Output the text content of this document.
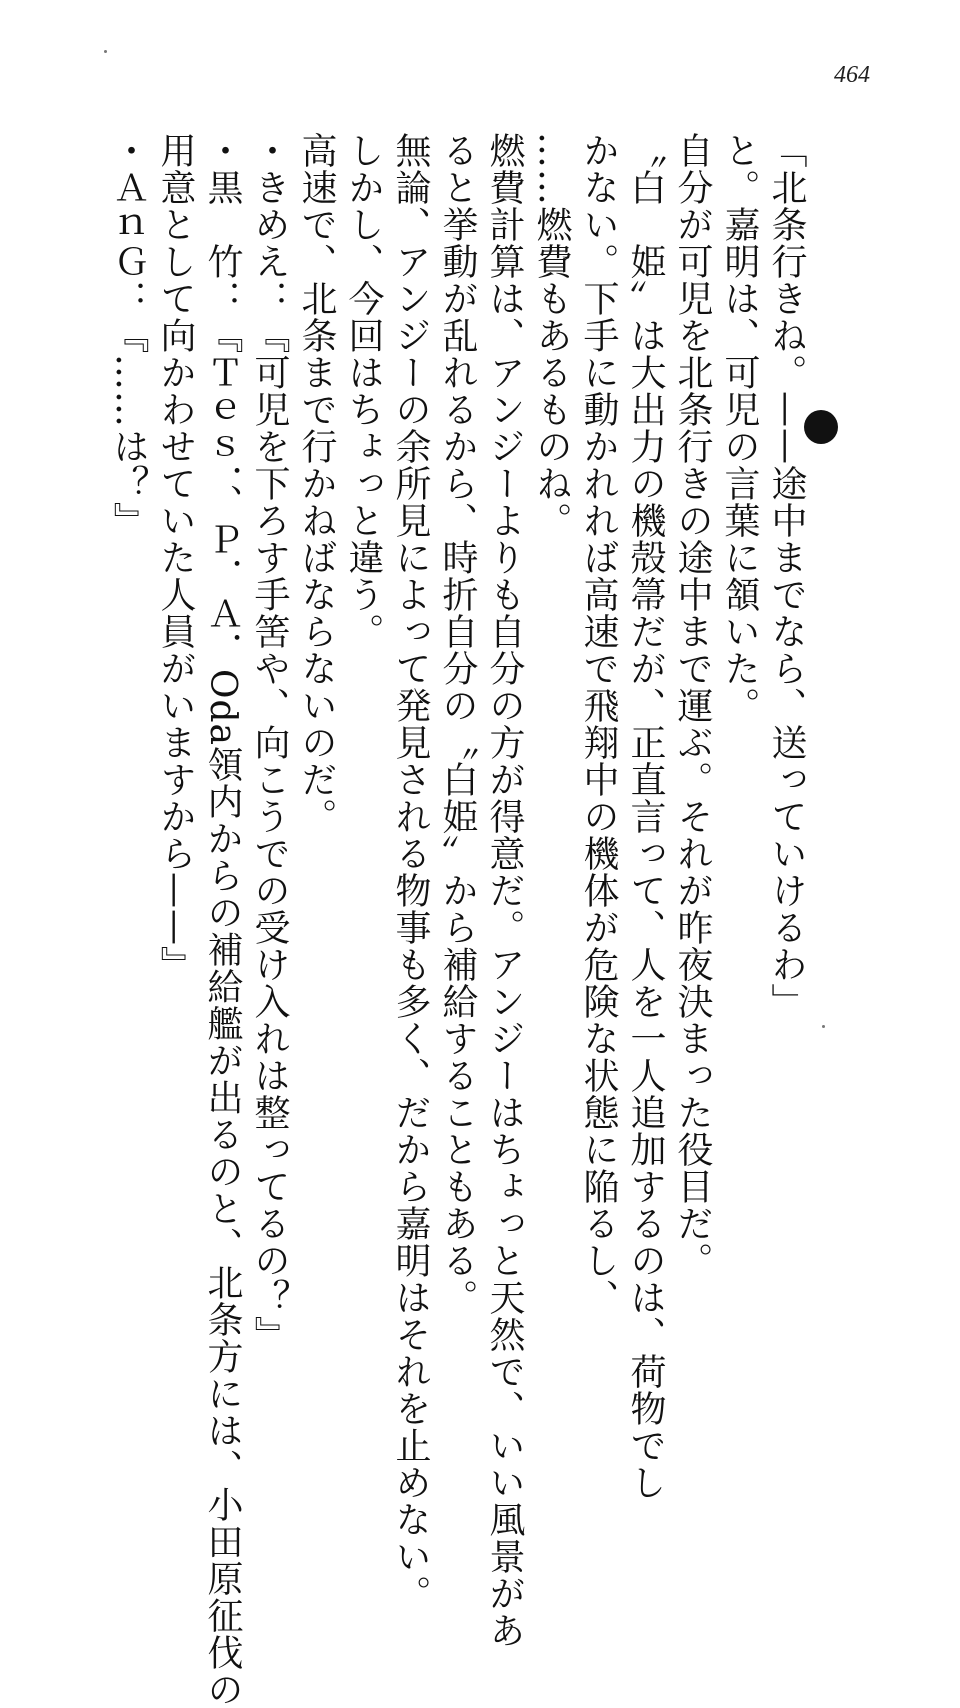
464
「北条行きね。——途中までなら、送っていけるわ」
と。嘉明は、可児の言葉に頷いた。
自分が可児を北条行きの途中まで運ぶ。それが昨夜決まった役目だ。
〝白　姫〟は大出力の機殻箒だが、正直言って、人を一人追加するのは、荷物でし
かない。下手に動かれれば高速で飛翔中の機体が危険な状態に陥るし、
……燃費もあるものね。
燃費計算は、アンジーよりも自分の方が得意だ。アンジーはちょっと天然で、いい風景があ
ると挙動が乱れるから、時折自分の〝白姫〟から補給することもある。
無論、アンジーの余所見によって発見される物事も多く、だから嘉明はそれを止めない。
しかし、今回はちょっと違う。
高速で、北条まで行かねばならないのだ。
・きめえ：『可児を下ろす手筈や、向こうでの受け入れは整ってるの？』
・黒　竹：『Ｔｅｓ．、Ｐ．Ａ．Oda領内からの補給艦が出るのと、北条方には、小田原征伐の
用意として向かわせていた人員がいますから——』
・ＡｎＧ：『……は？』
